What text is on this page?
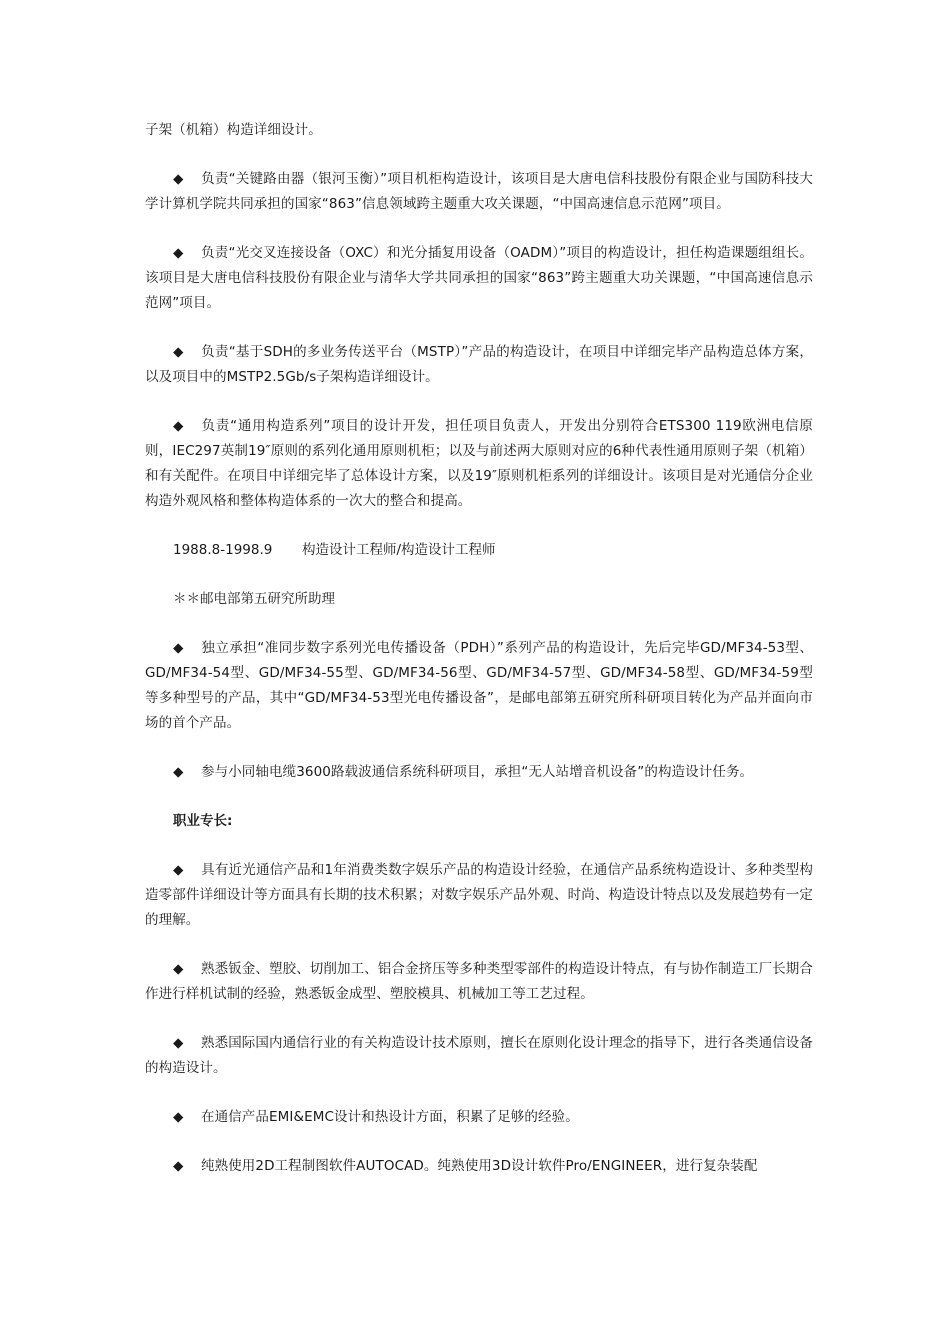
子架（机箱）构造详细设计。

◆ 负责“关键路由器（银河玉衡）”项目机柜构造设计，该项目是大唐电信科技股份有限企业与国防科技大学计算机学院共同承担的国家“863”信息领域跨主题重大攻关课题，“中国高速信息示范网”项目。

◆ 负责“光交叉连接设备（OXC）和光分插复用设备（OADM）”项目的构造设计，担任构造课题组组长。该项目是大唐电信科技股份有限企业与清华大学共同承担的国家“863”跨主题重大功关课题，“中国高速信息示范网”项目。

◆ 负责“基于SDH的多业务传送平台（MSTP）”产品的构造设计，在项目中详细完毕产品构造总体方案，以及项目中的MSTP2.5Gb/s子架构造详细设计。

◆ 负责“通用构造系列”项目的设计开发，担任项目负责人，开发出分别符合ETS300 119欧洲电信原则，IEC297英制19″原则的系列化通用原则机柜；以及与前述两大原则对应的6种代表性通用原则子架（机箱）和有关配件。在项目中详细完毕了总体设计方案，以及19″原则机柜系列的详细设计。该项目是对光通信分企业构造外观风格和整体构造体系的一次大的整合和提高。

1988.8-1998.9 构造设计工程师/构造设计工程师

＊＊邮电部第五研究所助理

◆ 独立承担“准同步数字系列光电传播设备（PDH）”系列产品的构造设计，先后完毕GD/MF34-53型、GD/MF34-54型、GD/MF34-55型、GD/MF34-56型、GD/MF34-57型、GD/MF34-58型、GD/MF34-59型等多种型号的产品，其中“GD/MF34-53型光电传播设备”，是邮电部第五研究所科研项目转化为产品并面向市场的首个产品。

◆ 参与小同轴电缆3600路载波通信系统科研项目，承担“无人站增音机设备”的构造设计任务。

职业专长:

◆ 具有近光通信产品和1年消费类数字娱乐产品的构造设计经验，在通信产品系统构造设计、多种类型构造零部件详细设计等方面具有长期的技术积累；对数字娱乐产品外观、时尚、构造设计特点以及发展趋势有一定的理解。

◆ 熟悉钣金、塑胶、切削加工、铝合金挤压等多种类型零部件的构造设计特点，有与协作制造工厂长期合作进行样机试制的经验，熟悉钣金成型、塑胶模具、机械加工等工艺过程。

◆ 熟悉国际国内通信行业的有关构造设计技术原则，擅长在原则化设计理念的指导下，进行各类通信设备的构造设计。

◆ 在通信产品EMI&EMC设计和热设计方面，积累了足够的经验。

◆ 纯熟使用2D工程制图软件AUTOCAD。纯熟使用3D设计软件Pro/ENGINEER，进行复杂装配
